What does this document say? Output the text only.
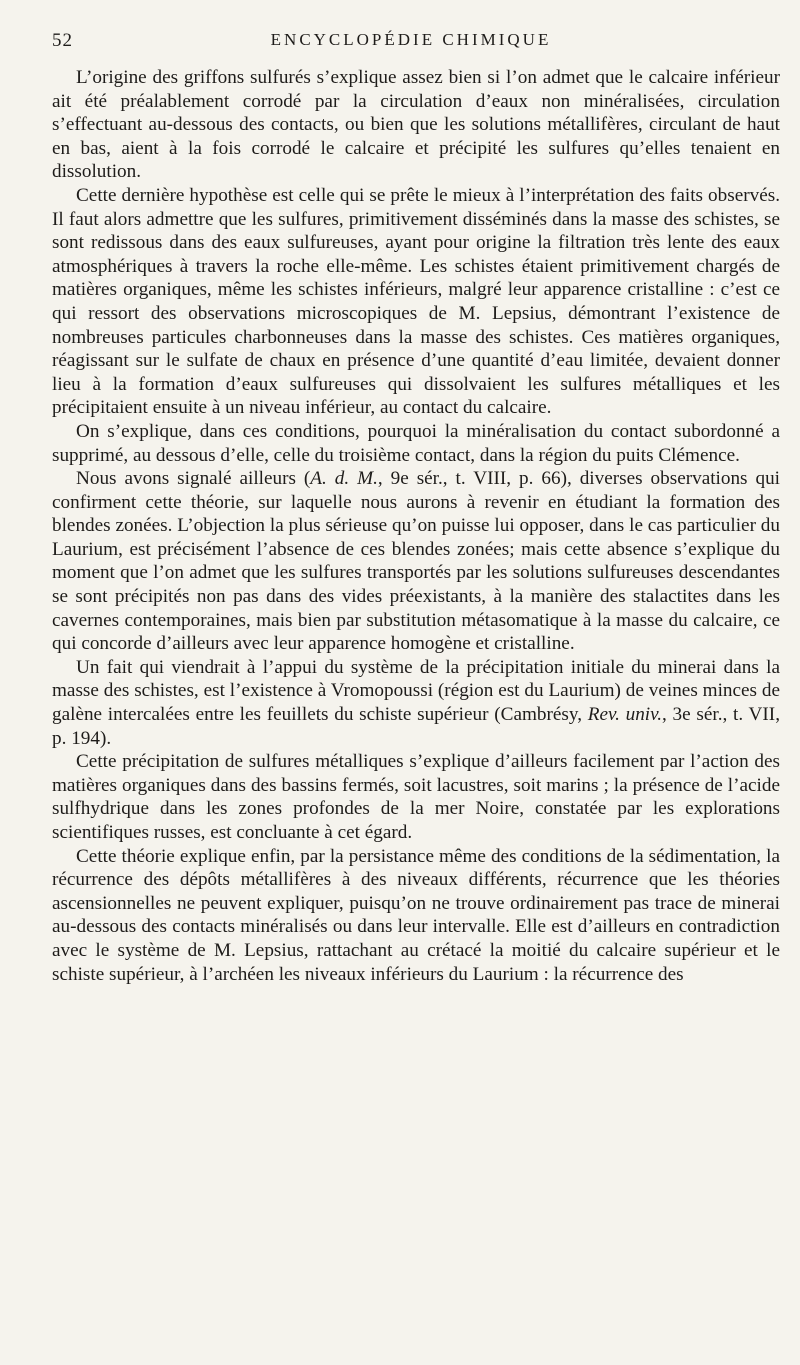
52	ENCYCLOPÉDIE CHIMIQUE

L’origine des griffons sulfurés s’explique assez bien si l’on admet que le calcaire inférieur ait été préalablement corrodé par la circulation d’eaux non minéralisées, circulation s’effectuant au-dessous des contacts, ou bien que les solutions métallifères, circulant de haut en bas, aient à la fois corrodé le calcaire et précipité les sulfures qu’elles tenaient en dissolution.

Cette dernière hypothèse est celle qui se prête le mieux à l’interprétation des faits observés. Il faut alors admettre que les sulfures, primitivement disséminés dans la masse des schistes, se sont redissous dans des eaux sulfureuses, ayant pour origine la filtration très lente des eaux atmosphériques à travers la roche elle-même. Les schistes étaient primitivement chargés de matières organiques, même les schistes inférieurs, malgré leur apparence cristalline : c’est ce qui ressort des observations microscopiques de M. Lepsius, démontrant l’existence de nombreuses particules charbonneuses dans la masse des schistes. Ces matières organiques, réagissant sur le sulfate de chaux en présence d’une quantité d’eau limitée, devaient donner lieu à la formation d’eaux sulfureuses qui dissolvaient les sulfures métalliques et les précipitaient ensuite à un niveau inférieur, au contact du calcaire.

On s’explique, dans ces conditions, pourquoi la minéralisation du contact subordonné a supprimé, au dessous d’elle, celle du troisième contact, dans la région du puits Clémence.

Nous avons signalé ailleurs (A. d. M., 9e sér., t. VIII, p. 66), diverses observations qui confirment cette théorie, sur laquelle nous aurons à revenir en étudiant la formation des blendes zonées. L’objection la plus sérieuse qu’on puisse lui opposer, dans le cas particulier du Laurium, est précisément l’absence de ces blendes zonées; mais cette absence s’explique du moment que l’on admet que les sulfures transportés par les solutions sulfureuses descendantes se sont précipités non pas dans des vides préexistants, à la manière des stalactites dans les cavernes contemporaines, mais bien par substitution métasomatique à la masse du calcaire, ce qui concorde d’ailleurs avec leur apparence homogène et cristalline.

Un fait qui viendrait à l’appui du système de la précipitation initiale du minerai dans la masse des schistes, est l’existence à Vromopoussi (région est du Laurium) de veines minces de galène intercalées entre les feuillets du schiste supérieur (Cambrésy, Rev. univ., 3e sér., t. VII, p. 194).

Cette précipitation de sulfures métalliques s’explique d’ailleurs facilement par l’action des matières organiques dans des bassins fermés, soit lacustres, soit marins ; la présence de l’acide sulfhydrique dans les zones profondes de la mer Noire, constatée par les explorations scientifiques russes, est concluante à cet égard.

Cette théorie explique enfin, par la persistance même des conditions de la sédimentation, la récurrence des dépôts métallifères à des niveaux différents, récurrence que les théories ascensionnelles ne peuvent expliquer, puisqu’on ne trouve ordinairement pas trace de minerai au-dessous des contacts minéralisés ou dans leur intervalle. Elle est d’ailleurs en contradiction avec le système de M. Lepsius, rattachant au crétacé la moitié du calcaire supérieur et le schiste supérieur, à l’archéen les niveaux inférieurs du Laurium : la récurrence des
